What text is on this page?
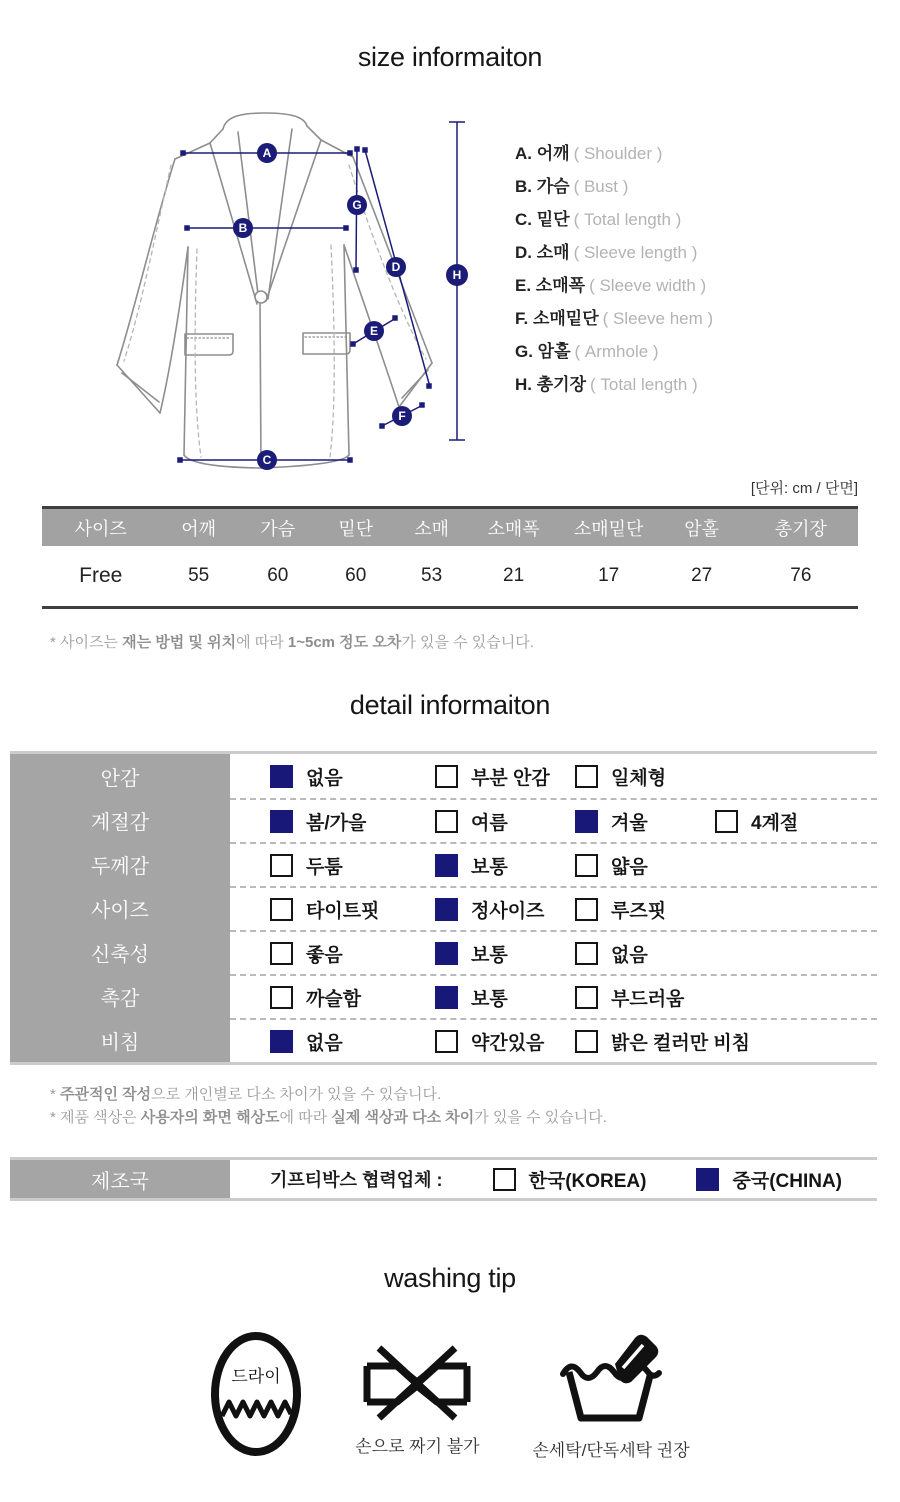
size informaiton
A
B
C
D
E
F
G
H
A. 어깨 ( Shoulder )
B. 가슴 ( Bust )
C. 밑단 ( Total length )
D. 소매 ( Sleeve length )
E. 소매폭 ( Sleeve width )
F. 소매밑단 ( Sleeve hem )
G. 암홀 ( Armhole )
H. 총기장 ( Total length )
[단위: cm / 단면]
사이즈	어깨	가슴	밑단	소매	소매폭	소매밑단	암홀	총기장
Free	55	60	60	53	21	17	27	76
* 사이즈는 재는 방법 및 위치에 따라 1~5cm 정도 오차가 있을 수 있습니다.
detail informaiton
안감	없음	부분 안감	일체형
계절감	봄/가을	여름	겨울	4계절
두께감	두툼	보통	얇음
사이즈	타이트핏	정사이즈	루즈핏
신축성	좋음	보통	없음
촉감	까슬함	보통	부드러움
비침	없음	약간있음	밝은 컬러만 비침
* 주관적인 작성으로 개인별로 다소 차이가 있을 수 있습니다.
* 제품 색상은 사용자의 화면 해상도에 따라 실제 색상과 다소 차이가 있을 수 있습니다.
제조국	기프티박스 협력업체 :	한국(KOREA)	중국(CHINA)
washing tip
드라이
손으로 짜기 불가	손세탁/단독세탁 권장
